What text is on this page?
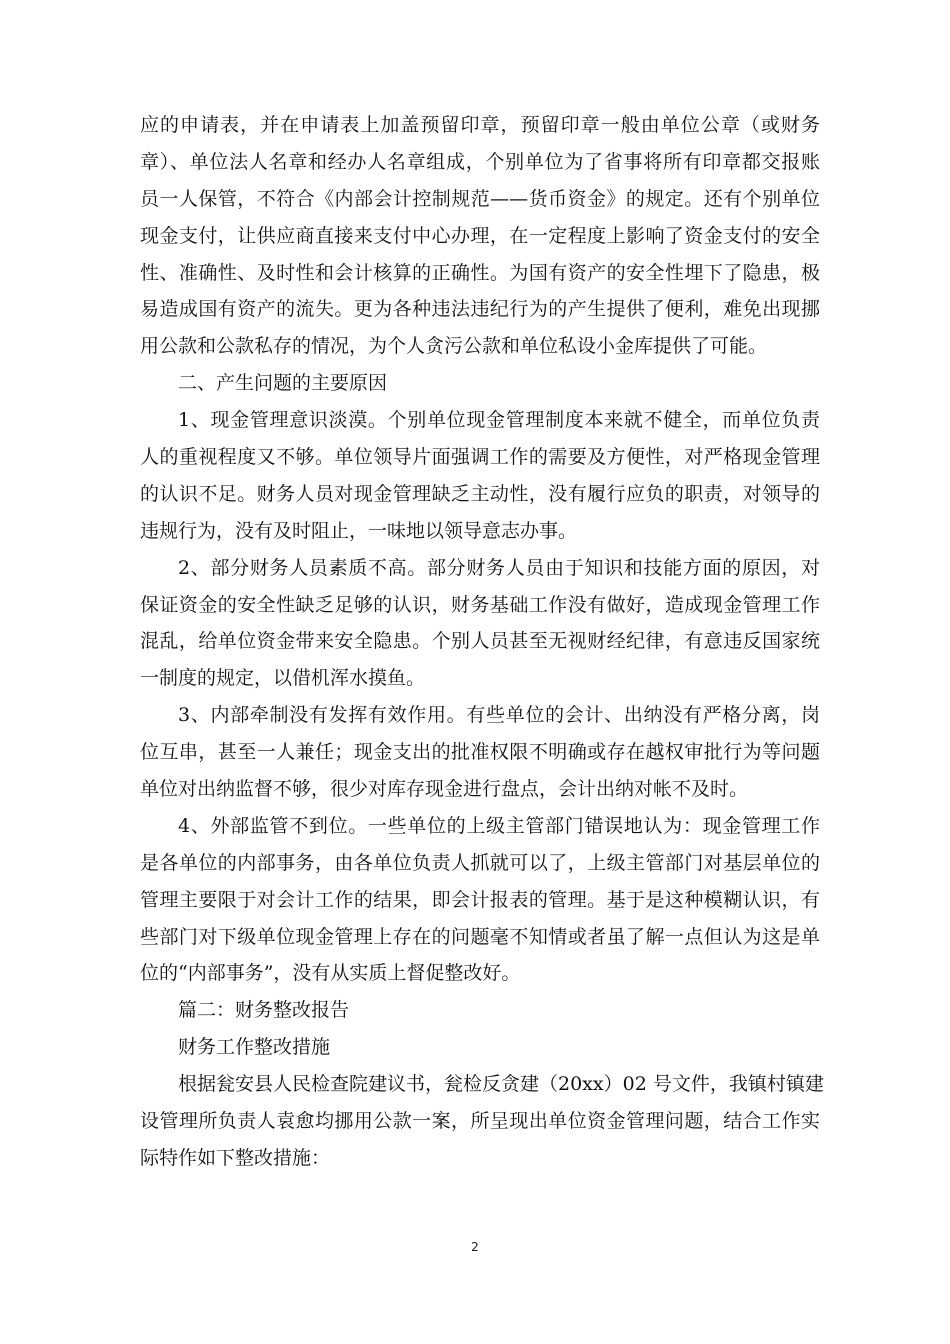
应的申请表，并在申请表上加盖预留印章，预留印章一般由单位公章（或财务
章）、单位法人名章和经办人名章组成，个别单位为了省事将所有印章都交报账
员一人保管，不符合《内部会计控制规范——货币资金》的规定。还有个别单位
现金支付，让供应商直接来支付中心办理，在一定程度上影响了资金支付的安全
性、准确性、及时性和会计核算的正确性。为国有资产的安全性埋下了隐患，极
易造成国有资产的流失。更为各种违法违纪行为的产生提供了便利，难免出现挪
用公款和公款私存的情况，为个人贪污公款和单位私设小金库提供了可能。
二、产生问题的主要原因
1、现金管理意识淡漠。个别单位现金管理制度本来就不健全，而单位负责
人的重视程度又不够。单位领导片面强调工作的需要及方便性，对严格现金管理
的认识不足。财务人员对现金管理缺乏主动性，没有履行应负的职责，对领导的
违规行为，没有及时阻止，一味地以领导意志办事。
2、部分财务人员素质不高。部分财务人员由于知识和技能方面的原因，对
保证资金的安全性缺乏足够的认识，财务基础工作没有做好，造成现金管理工作
混乱，给单位资金带来安全隐患。个别人员甚至无视财经纪律，有意违反国家统
一制度的规定，以借机浑水摸鱼。
3、内部牵制没有发挥有效作用。有些单位的会计、出纳没有严格分离，岗
位互串，甚至一人兼任；现金支出的批准权限不明确或存在越权审批行为等问题
单位对出纳监督不够，很少对库存现金进行盘点，会计出纳对帐不及时。
4、外部监管不到位。一些单位的上级主管部门错误地认为：现金管理工作
是各单位的内部事务，由各单位负责人抓就可以了，上级主管部门对基层单位的
管理主要限于对会计工作的结果，即会计报表的管理。基于是这种模糊认识，有
些部门对下级单位现金管理上存在的问题毫不知情或者虽了解一点但认为这是单
位的“内部事务”，没有从实质上督促整改好。
篇二：财务整改报告
财务工作整改措施
根据瓮安县人民检查院建议书，瓮检反贪建（20xx）02 号文件，我镇村镇建
设管理所负责人袁愈均挪用公款一案，所呈现出单位资金管理问题，结合工作实
际特作如下整改措施：
2
